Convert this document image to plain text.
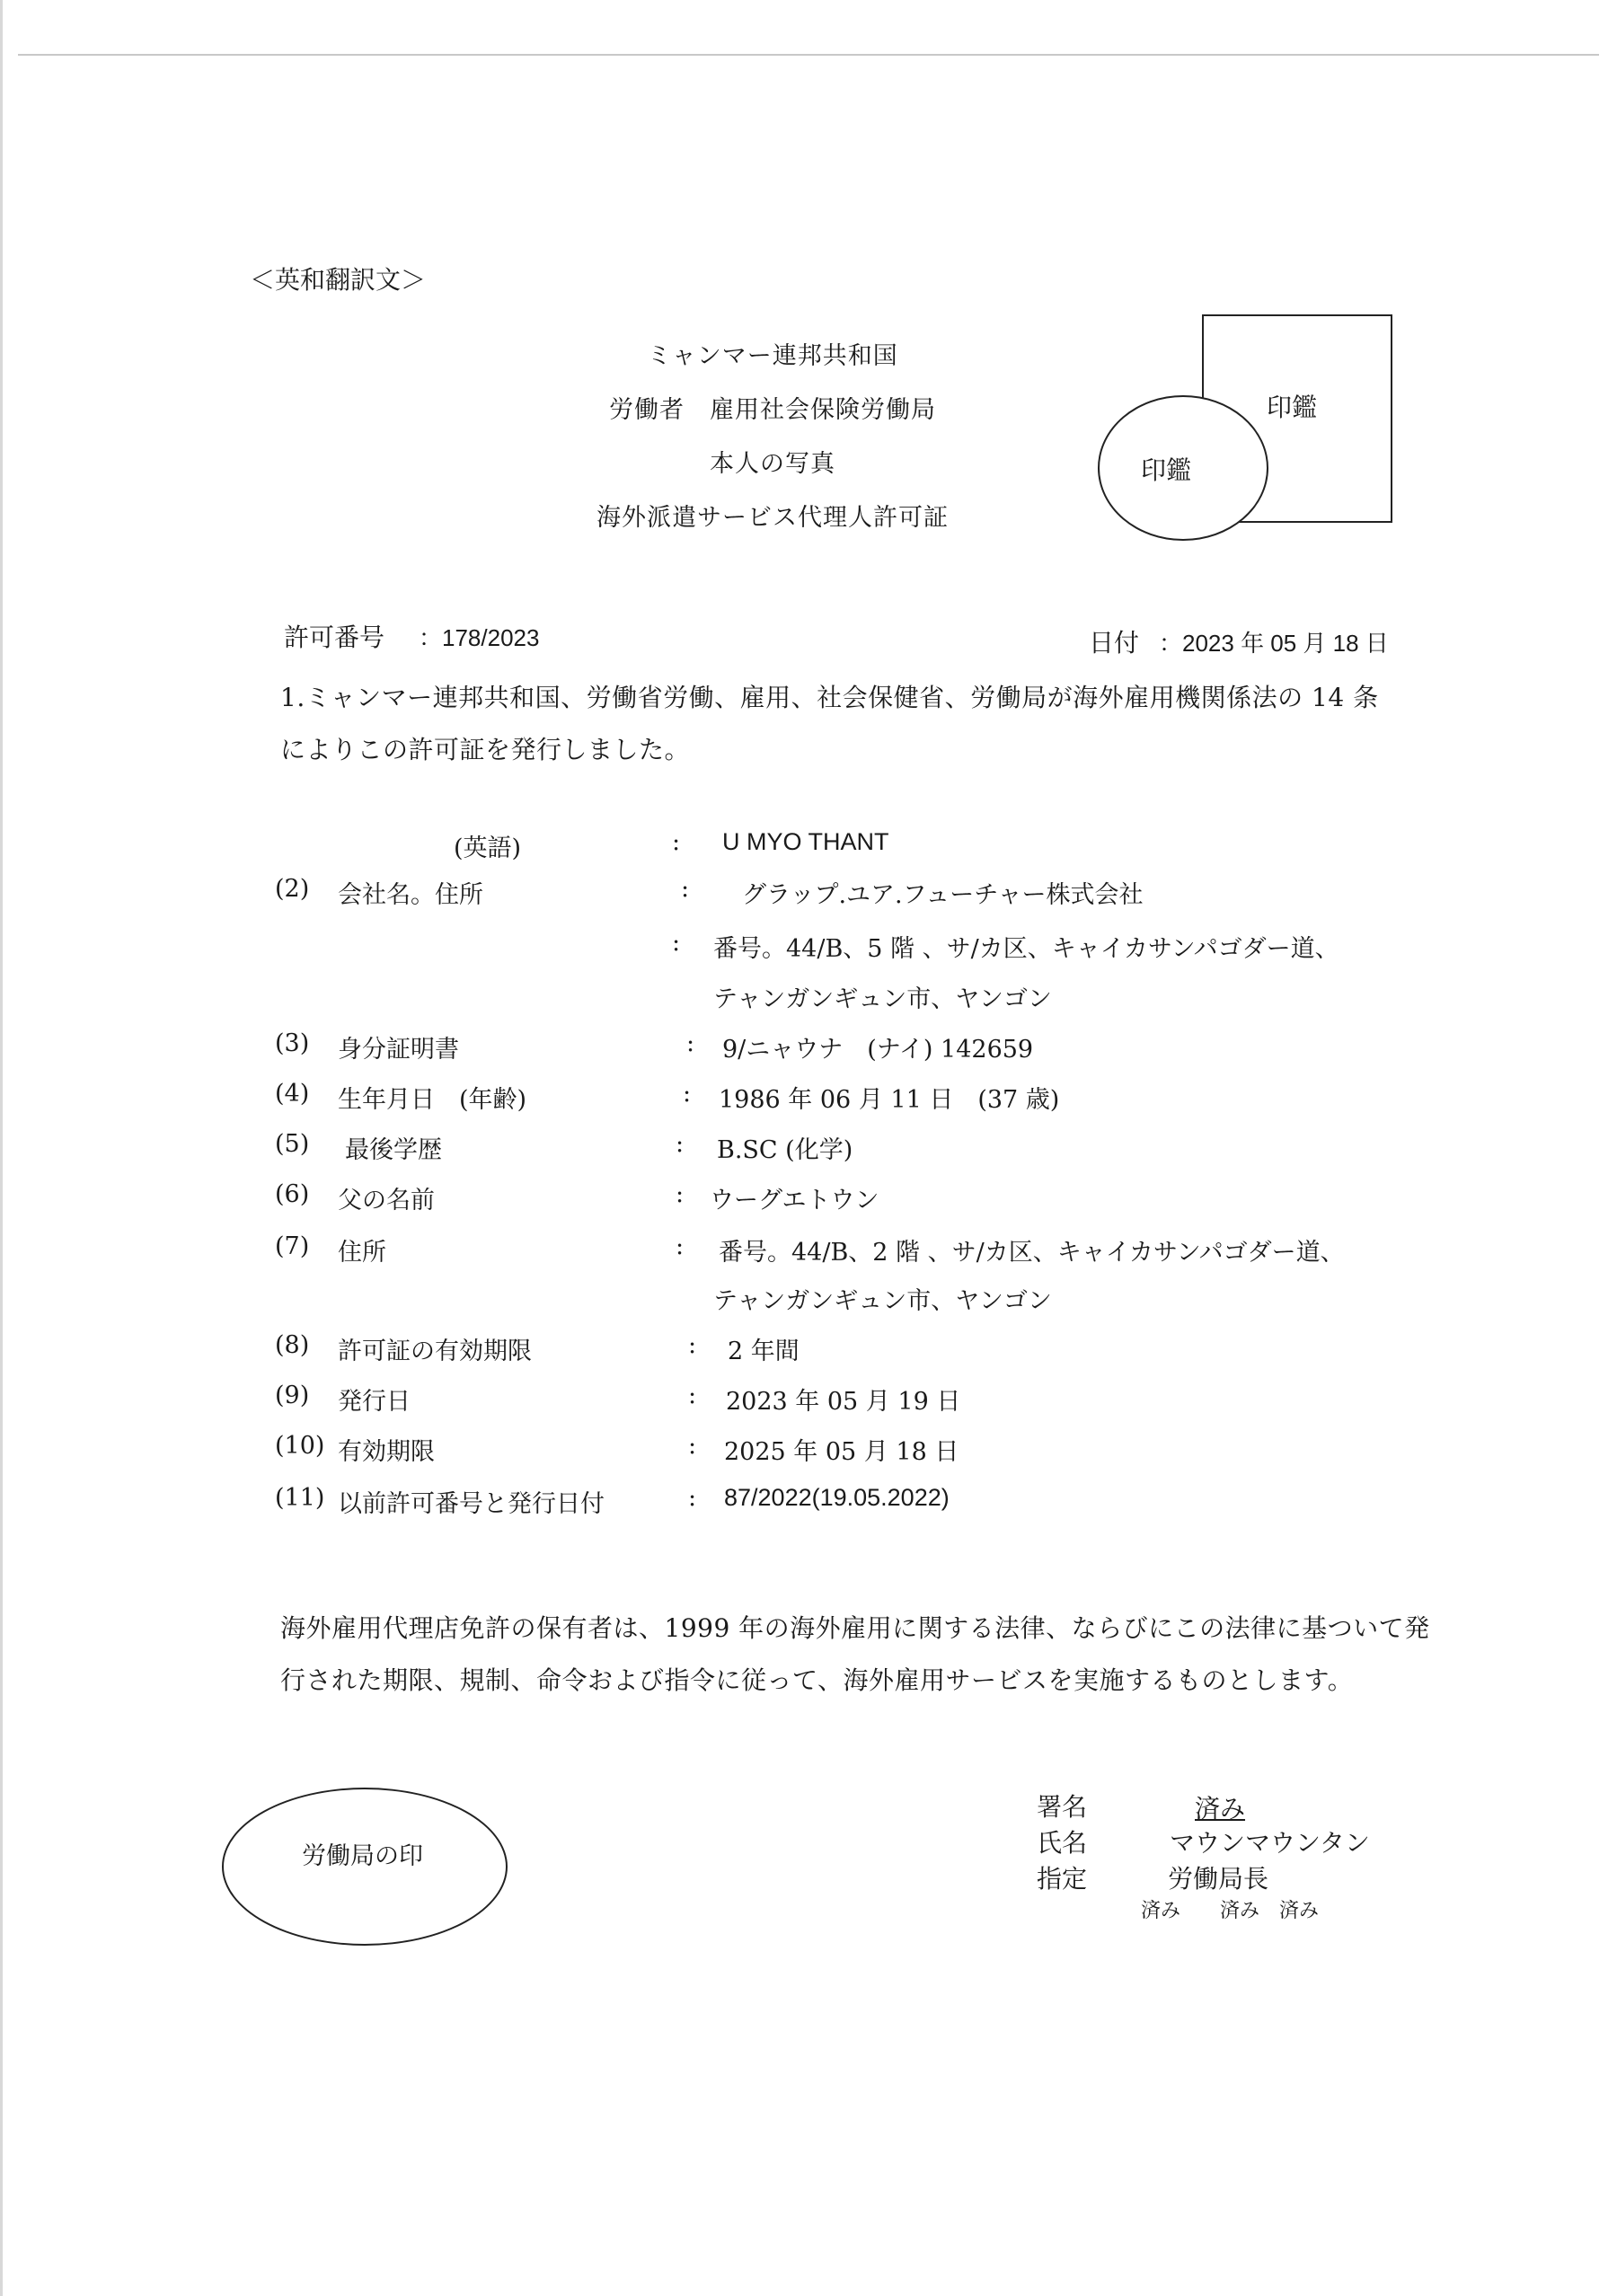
＜英和翻訳文＞
ミャンマー連邦共和国
労働者　雇用社会保険労働局
本人の写真
海外派遣サービス代理人許可証
印鑑
印鑑
許可番号 ：178/2023	日付 ：2023 年 05 月 18 日
1.ミャンマー連邦共和国、労働省労働、雇用、社会保健省、労働局が海外雇用機関係法の 14 条
によりこの許可証を発行しました。
(英語)	: U MYO THANT
(2) 会社名。住所	: グラップ.ユア.フューチャー株式会社
: 番号。44/B、5 階 、サ/カ区、キャイカサンパゴダー道、
テャンガンギュン市、ヤンゴン
(3) 身分証明書	: 9/ニャウナ　(ナイ) 142659
(4) 生年月日　(年齢)	: 1986 年 06 月 11 日　(37 歳)
(5) 最後学歴	: B.SC (化学)
(6) 父の名前	: ウーグエトウン
(7) 住所	: 番号。44/B、2 階 、サ/カ区、キャイカサンパゴダー道、
テャンガンギュン市、ヤンゴン
(8) 許可証の有効期限	: 2 年間
(9) 発行日	: 2023 年 05 月 19 日
(10) 有効期限	: 2025 年 05 月 18 日
(11) 以前許可番号と発行日付	: 87/2022(19.05.2022)
海外雇用代理店免許の保有者は、1999 年の海外雇用に関する法律、ならびにこの法律に基ついて発
行された期限、規制、命令および指令に従って、海外雇用サービスを実施するものとします。
労働局の印
署名	済み
氏名	マウンマウンタン
指定	労働局長
済み　　済み　済み
